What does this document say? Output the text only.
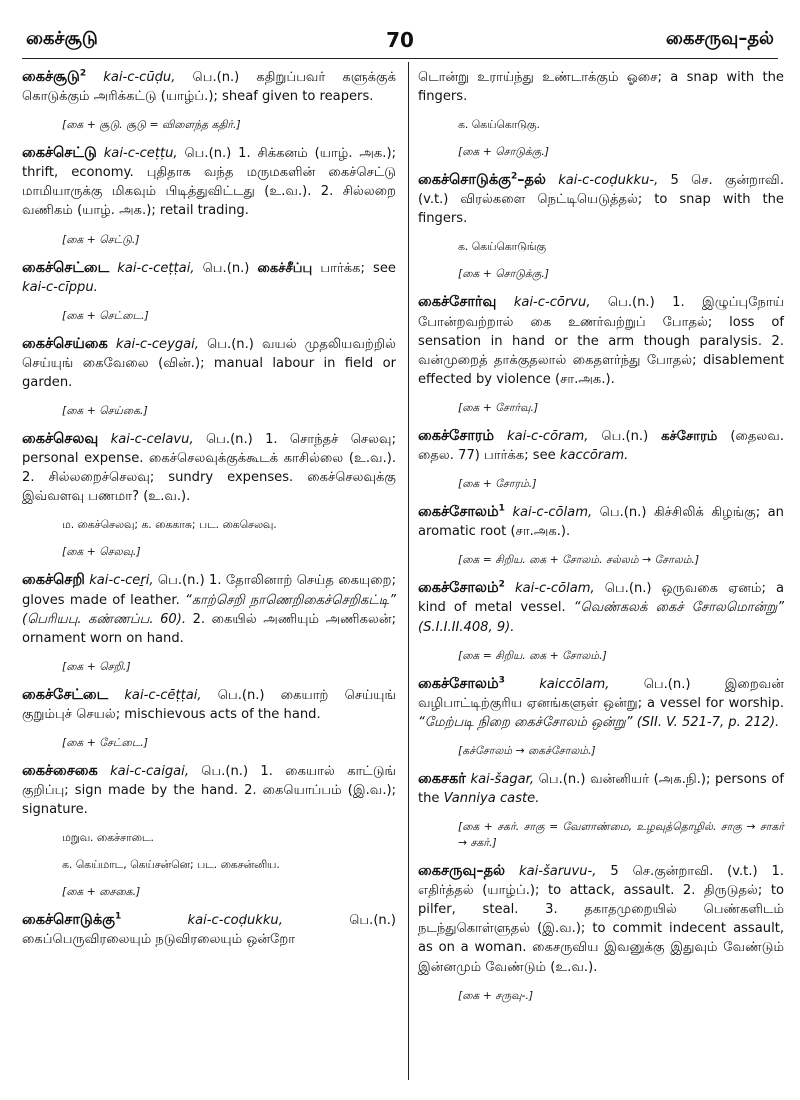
கைச்சூடு	70	கைசருவு–தல்
கைச்சூடு$^2$ kai-c-cūḍu, பெ.(n.) கதிறுப்பவர் களுக்குக் கொடுக்கும் அரிக்கட்டு (யாழ்ப்.); sheaf given to reapers.
[கை + சூடு. சூடு = விளைந்த கதிர்.]
கைச்செட்டு kai-c-ceṭṭu, பெ.(n.) 1. சிக்கனம் (யாழ். அக.); thrift, economy. புதிதாக வந்த மருமகளின் கைச்செட்டு மாமியாருக்கு மிகவும் பிடித்துவிட்டது (உ.வ.). 2. சில்லறை வணிகம் (யாழ். அக.); retail trading.
[கை + செட்டு.]
கைச்செட்டை kai-c-ceṭṭai, பெ.(n.) கைச்சீப்பு பார்க்க; see kai-c-cīppu.
[கை + செட்டை.]
கைச்செய்கை kai-c-ceygai, பெ.(n.) வயல் முதலியவற்றில் செய்யுங் கைவேலை (வின்.); manual labour in field or garden.
[கை + செய்கை.]
கைச்செலவு kai-c-celavu, பெ.(n.) 1. சொந்தச் செலவு; personal expense. கைச்செலவுக்குக்கூடக் காசில்லை (உ.வ.). 2. சில்லறைச்செலவு; sundry expenses. கைச்செலவுக்கு இவ்வளவு பணமா? (உ.வ.).
ம. கைச்செலவு; க. கைகாசு; பட. கைசெலவு.
[கை + செலவு.]
கைச்செறி kai-c-ceṟi, பெ.(n.) 1. தோலினாற் செய்த கையுறை; gloves made of leather. “காற்செறி நாணெறிகைச்செறிகட்டி” (பெரியபு. கண்ணப்ப. 60). 2. கையில் அணியும் அணிகலன்; ornament worn on hand.
[கை + செறி.]
கைச்சேட்டை kai-c-cēṭṭai, பெ.(n.) கையாற் செய்யுங் குறும்புச் செயல்; mischievous acts of the hand.
[கை + சேட்டை.]
கைச்சைகை kai-c-caigai, பெ.(n.) 1. கையால் காட்டுங் குறிப்பு; sign made by the hand. 2. கையொப்பம் (இ.வ.); signature.
மறுவ. கைச்சாடை.
க. கெய்மாட, கெய்சன்னெ; பட. கைசன்னிய.
[கை + சைகை.]
கைச்சொடுக்கு$^1$	kai-c-coḍukku, பெ.(n.) கைப்பெருவிரலையும் நடுவிரலையும் ஒன்றோ
டொன்று உராய்ந்து உண்டாக்கும் ஓசை; a snap with the fingers.
க. கெய்கொடுகு.
[கை + சொடுக்கு.]
கைச்சொடுக்கு$^2$–தல் kai-c-coḍukku-, 5 செ. குன்றாவி. (v.t.) விரல்களை நெட்டியெடுத்தல்; to snap with the fingers.
க. கெய்கொடுங்கு
[கை + சொடுக்கு.]
கைச்சோர்வு kai-c-cōrvu, பெ.(n.) 1. இழுப்புநோய் போன்றவற்றால் கை உணர்வற்றுப் போதல்; loss of sensation in hand or the arm though paralysis. 2. வன்முறைத் தாக்குதலால் கைதளர்ந்து போதல்; disablement effected by violence (சா.அக.).
[கை + சோர்வு.]
கைச்சோரம் kai-c-cōram, பெ.(n.) கச்சோரம் (தைலவ. தைல. 77) பார்க்க; see kaccōram.
[கை + சோரம்.]
கைச்சோலம்$^1$ kai-c-cōlam, பெ.(n.) கிச்சிலிக் கிழங்கு; an aromatic root (சா.அக.).
[கை = சிறிய. கை + சோலம். சல்லம் → சோலம்.]
கைச்சோலம்$^2$ kai-c-cōlam, பெ.(n.) ஒருவகை ஏனம்; a kind of metal vessel. “வெண்கலக் கைச் சோலமொன்று” (S.I.I.II.408, 9).
[கை = சிறிய. கை + சோலம்.]
கைச்சோலம்$^3$	kaiccōlam, பெ.(n.) இறைவன் வழிபாட்டிற்குரிய ஏனங்களுள் ஒன்று; a vessel for worship. “மேற்படி நிறை கைச்சோலம் ஒன்று” (SII. V. 521-7, p. 212).
[கச்சோலம் → கைச்சோலம்.]
கைசகர் kai-šagar, பெ.(n.) வன்னியர் (அக.நி.); persons of the Vanniya caste.
[கை + சகர். சாகு = வேளாண்மை, உழவுத்தொழில். சாகு → சாகர் → சகர்.]
கைசருவு–தல் kai-šaruvu-, 5 செ.குன்றாவி. (v.t.) 1. எதிர்த்தல் (யாழ்ப்.); to attack, assault. 2. திருடுதல்; to pilfer, steal. 3. தகாதமுறையில் பெண்களிடம் நடந்துகொள்ளுதல் (இ.வ.); to commit indecent assault, as on a woman. கைசருவிய இவனுக்கு இதுவும் வேண்டும் இன்னமும் வேண்டும் (உ.வ.).
[கை + சருவு-.]
